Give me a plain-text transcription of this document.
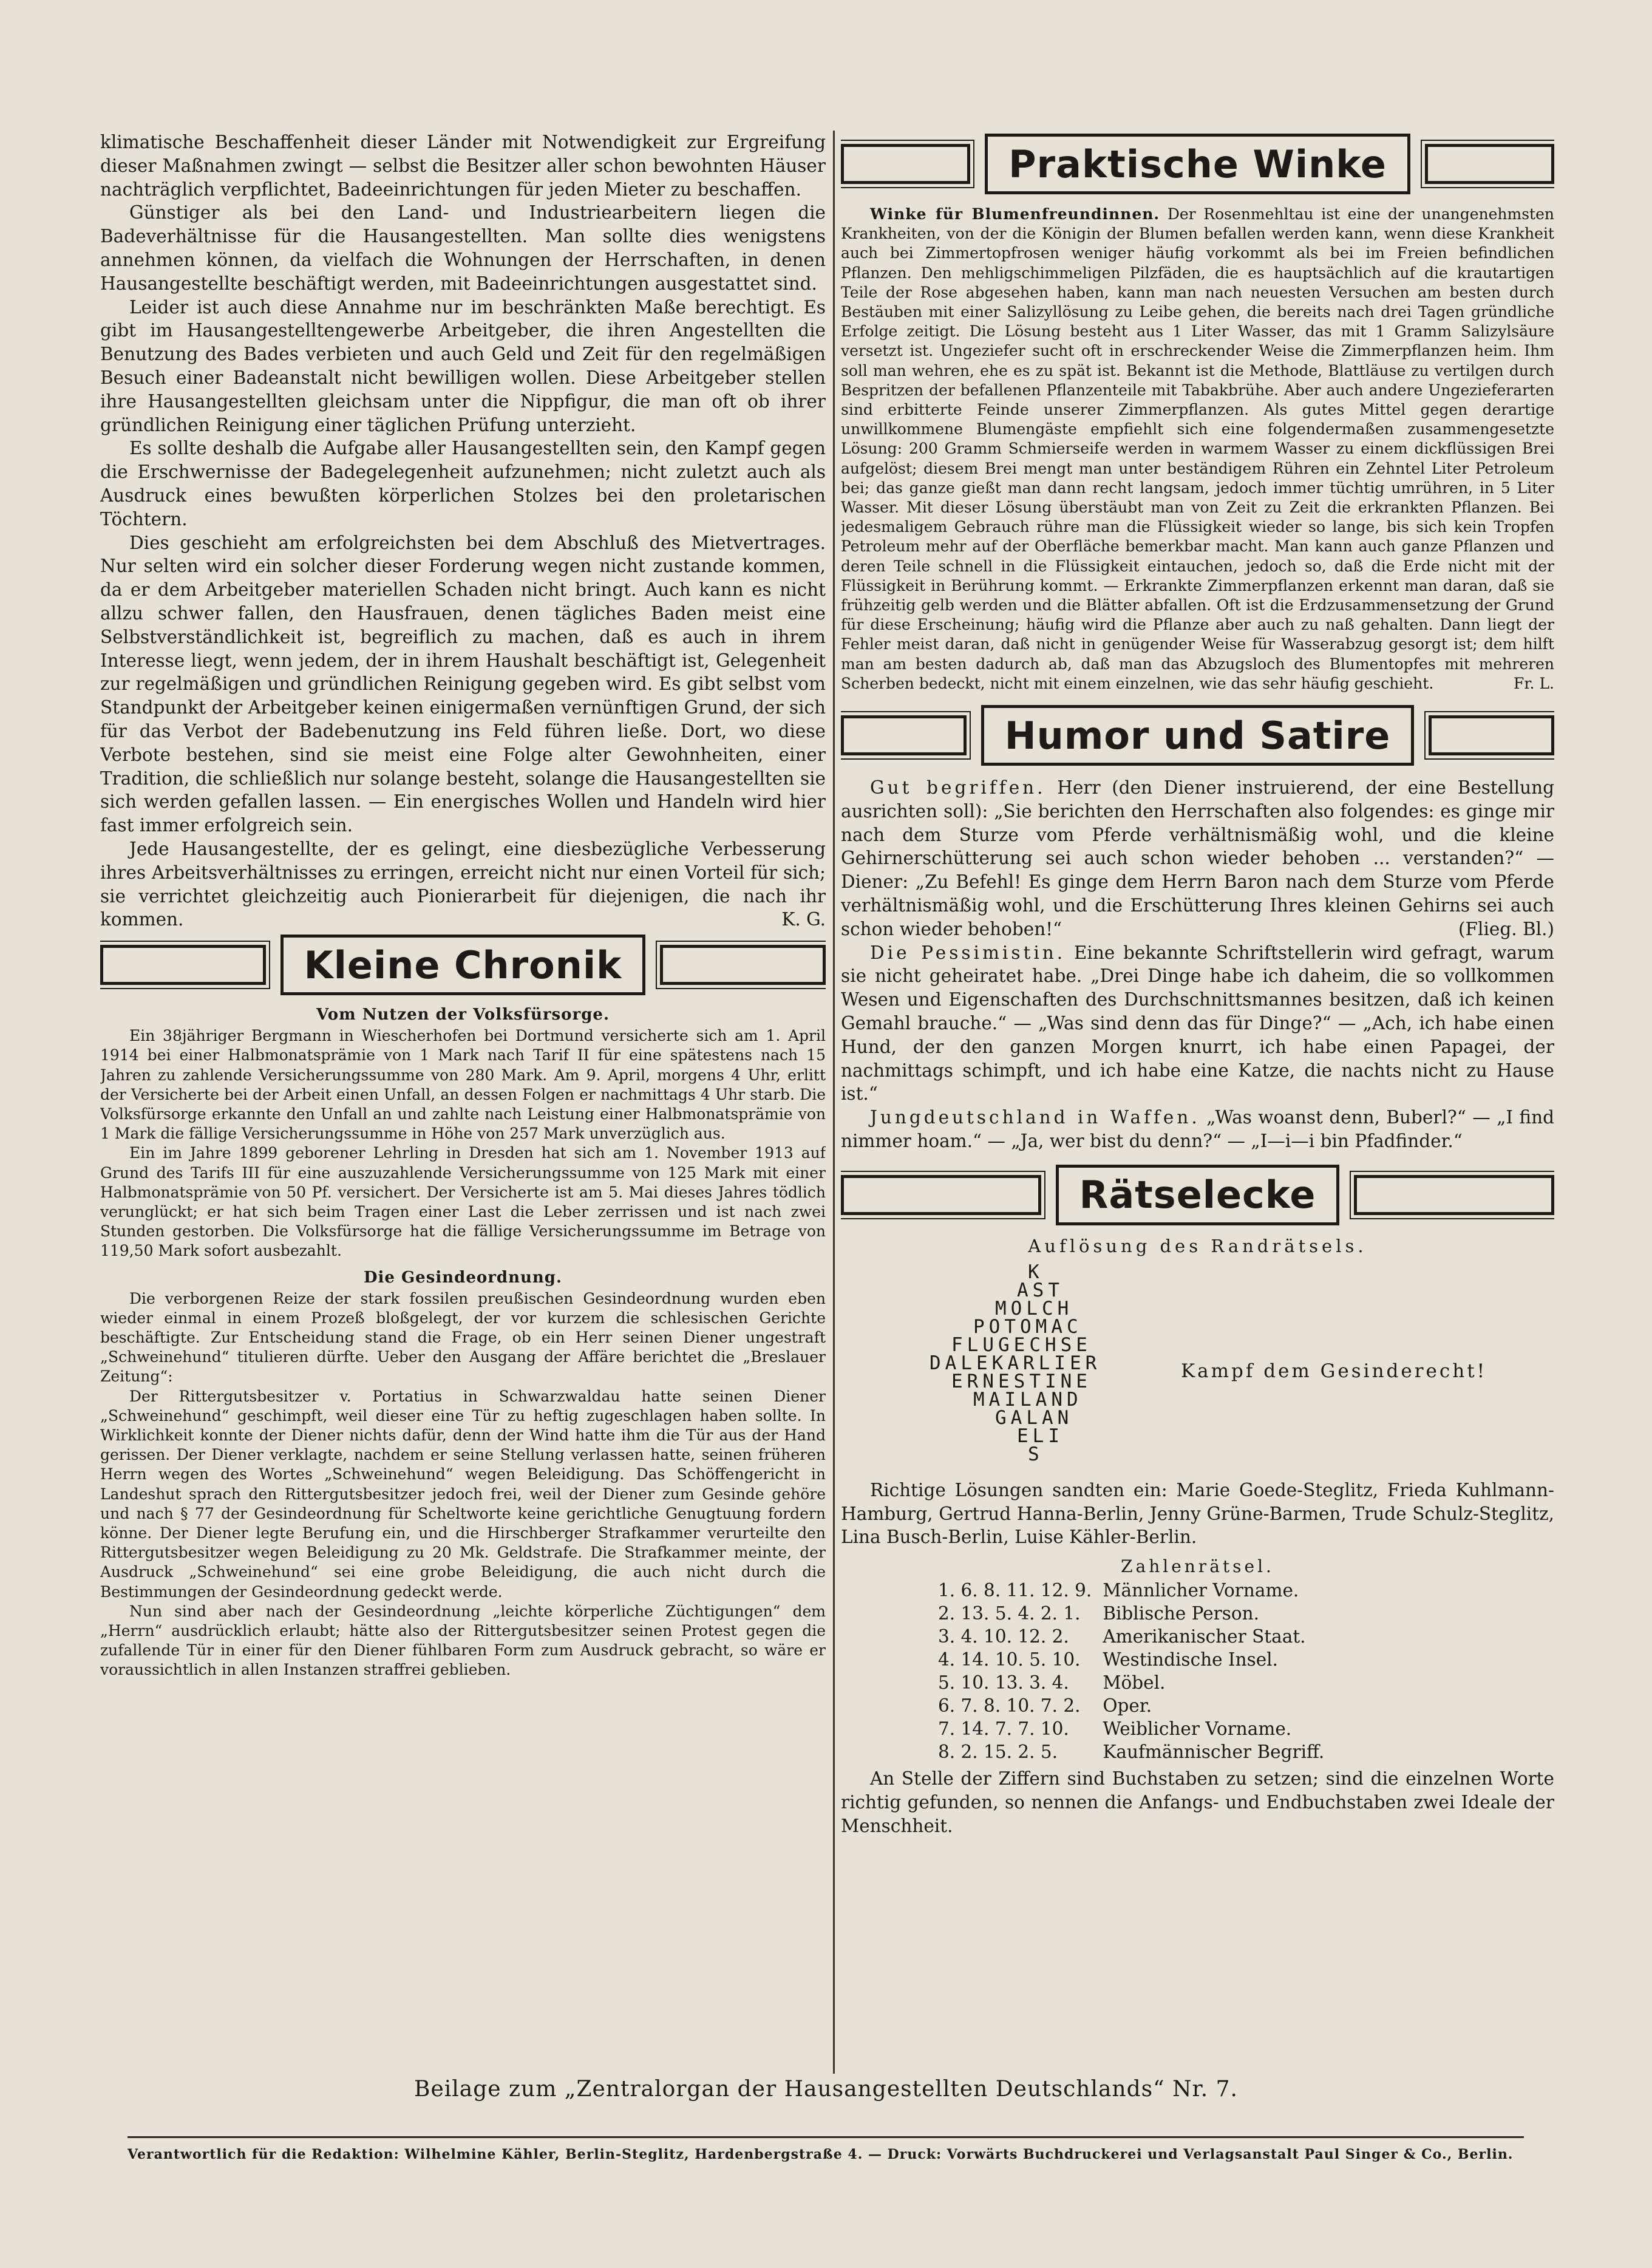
klimatische Beschaffenheit dieser Länder mit Notwendigkeit zur Ergreifung dieser Maßnahmen zwingt — selbst die Besitzer aller schon bewohnten Häuser nachträglich verpflichtet, Badeeinrichtungen für jeden Mieter zu beschaffen.

Günstiger als bei den Land- und Industriearbeitern liegen die Badeverhältnisse für die Hausangestellten. Man sollte dies wenigstens annehmen können, da vielfach die Wohnungen der Herrschaften, in denen Hausangestellte beschäftigt werden, mit Badeeinrichtungen ausgestattet sind.

Leider ist auch diese Annahme nur im beschränkten Maße berechtigt. Es gibt im Hausangestelltengewerbe Arbeitgeber, die ihren Angestellten die Benutzung des Bades verbieten und auch Geld und Zeit für den regelmäßigen Besuch einer Badeanstalt nicht bewilligen wollen. Diese Arbeitgeber stellen ihre Hausangestellten gleichsam unter die Nippfigur, die man oft ob ihrer gründlichen Reinigung einer täglichen Prüfung unterzieht.

Es sollte deshalb die Aufgabe aller Hausangestellten sein, den Kampf gegen die Erschwernisse der Badegelegenheit aufzunehmen; nicht zuletzt auch als Ausdruck eines bewußten körperlichen Stolzes bei den proletarischen Töchtern.

Dies geschieht am erfolgreichsten bei dem Abschluß des Mietvertrages. Nur selten wird ein solcher dieser Forderung wegen nicht zustande kommen, da er dem Arbeitgeber materiellen Schaden nicht bringt. Auch kann es nicht allzu schwer fallen, den Hausfrauen, denen tägliches Baden meist eine Selbstverständlichkeit ist, begreiflich zu machen, daß es auch in ihrem Interesse liegt, wenn jedem, der in ihrem Haushalt beschäftigt ist, Gelegenheit zur regelmäßigen und gründlichen Reinigung gegeben wird. Es gibt selbst vom Standpunkt der Arbeitgeber keinen einigermaßen vernünftigen Grund, der sich für das Verbot der Badebenutzung ins Feld führen ließe. Dort, wo diese Verbote bestehen, sind sie meist eine Folge alter Gewohnheiten, einer Tradition, die schließlich nur solange besteht, solange die Hausangestellten sie sich werden gefallen lassen. — Ein energisches Wollen und Handeln wird hier fast immer erfolgreich sein.

Jede Hausangestellte, der es gelingt, eine diesbezügliche Verbesserung ihres Arbeitsverhältnisses zu erringen, erreicht nicht nur einen Vorteil für sich; sie verrichtet gleichzeitig auch Pionierarbeit für diejenigen, die nach ihr kommen.	K. G.

Kleine Chronik
Vom Nutzen der Volksfürsorge.

Ein 38jähriger Bergmann in Wiescherhofen bei Dortmund versicherte sich am 1. April 1914 bei einer Halbmonatsprämie von 1 Mark nach Tarif II für eine spätestens nach 15 Jahren zu zahlende Versicherungssumme von 280 Mark. Am 9. April, morgens 4 Uhr, erlitt der Versicherte bei der Arbeit einen Unfall, an dessen Folgen er nachmittags 4 Uhr starb. Die Volksfürsorge erkannte den Unfall an und zahlte nach Leistung einer Halbmonatsprämie von 1 Mark die fällige Versicherungssumme in Höhe von 257 Mark unverzüglich aus.

Ein im Jahre 1899 geborener Lehrling in Dresden hat sich am 1. November 1913 auf Grund des Tarifs III für eine auszuzahlende Versicherungssumme von 125 Mark mit einer Halbmonatsprämie von 50 Pf. versichert. Der Versicherte ist am 5. Mai dieses Jahres tödlich verunglückt; er hat sich beim Tragen einer Last die Leber zerrissen und ist nach zwei Stunden gestorben. Die Volksfürsorge hat die fällige Versicherungssumme im Betrage von 119,50 Mark sofort ausbezahlt.

Die Gesindeordnung.

Die verborgenen Reize der stark fossilen preußischen Gesindeordnung wurden eben wieder einmal in einem Prozeß bloßgelegt, der vor kurzem die schlesischen Gerichte beschäftigte. Zur Entscheidung stand die Frage, ob ein Herr seinen Diener ungestraft „Schweinehund“ titulieren dürfte. Ueber den Ausgang der Affäre berichtet die „Breslauer Zeitung“:

Der Rittergutsbesitzer v. Portatius in Schwarzwaldau hatte seinen Diener „Schweinehund“ geschimpft, weil dieser eine Tür zu heftig zugeschlagen haben sollte. In Wirklichkeit konnte der Diener nichts dafür, denn der Wind hatte ihm die Tür aus der Hand gerissen. Der Diener verklagte, nachdem er seine Stellung verlassen hatte, seinen früheren Herrn wegen des Wortes „Schweinehund“ wegen Beleidigung. Das Schöffengericht in Landeshut sprach den Rittergutsbesitzer jedoch frei, weil der Diener zum Gesinde gehöre und nach § 77 der Gesindeordnung für Scheltworte keine gerichtliche Genugtuung fordern könne. Der Diener legte Berufung ein, und die Hirschberger Strafkammer verurteilte den Rittergutsbesitzer wegen Beleidigung zu 20 Mk. Geldstrafe. Die Strafkammer meinte, der Ausdruck „Schweinehund“ sei eine grobe Beleidigung, die auch nicht durch die Bestimmungen der Gesindeordnung gedeckt werde.

Nun sind aber nach der Gesindeordnung „leichte körperliche Züchtigungen“ dem „Herrn“ ausdrücklich erlaubt; hätte also der Rittergutsbesitzer seinen Protest gegen die zufallende Tür in einer für den Diener fühlbaren Form zum Ausdruck gebracht, so wäre er voraussichtlich in allen Instanzen straffrei geblieben.

Praktische Winke

Winke für Blumenfreundinnen. Der Rosenmehltau ist eine der unangenehmsten Krankheiten, von der die Königin der Blumen befallen werden kann, wenn diese Krankheit auch bei Zimmertopfrosen weniger häufig vorkommt als bei im Freien befindlichen Pflanzen. Den mehligschimmeligen Pilzfäden, die es hauptsächlich auf die krautartigen Teile der Rose abgesehen haben, kann man nach neuesten Versuchen am besten durch Bestäuben mit einer Salizyllösung zu Leibe gehen, die bereits nach drei Tagen gründliche Erfolge zeitigt. Die Lösung besteht aus 1 Liter Wasser, das mit 1 Gramm Salizylsäure versetzt ist. Ungeziefer sucht oft in erschreckender Weise die Zimmerpflanzen heim. Ihm soll man wehren, ehe es zu spät ist. Bekannt ist die Methode, Blattläuse zu vertilgen durch Bespritzen der befallenen Pflanzenteile mit Tabakbrühe. Aber auch andere Ungezieferarten sind erbitterte Feinde unserer Zimmerpflanzen. Als gutes Mittel gegen derartige unwillkommene Blumengäste empfiehlt sich eine folgendermaßen zusammengesetzte Lösung: 200 Gramm Schmierseife werden in warmem Wasser zu einem dickflüssigen Brei aufgelöst; diesem Brei mengt man unter beständigem Rühren ein Zehntel Liter Petroleum bei; das ganze gießt man dann recht langsam, jedoch immer tüchtig umrühren, in 5 Liter Wasser. Mit dieser Lösung überstäubt man von Zeit zu Zeit die erkrankten Pflanzen. Bei jedesmaligem Gebrauch rühre man die Flüssigkeit wieder so lange, bis sich kein Tropfen Petroleum mehr auf der Oberfläche bemerkbar macht. Man kann auch ganze Pflanzen und deren Teile schnell in die Flüssigkeit eintauchen, jedoch so, daß die Erde nicht mit der Flüssigkeit in Berührung kommt. — Erkrankte Zimmerpflanzen erkennt man daran, daß sie frühzeitig gelb werden und die Blätter abfallen. Oft ist die Erdzusammensetzung der Grund für diese Erscheinung; häufig wird die Pflanze aber auch zu naß gehalten. Dann liegt der Fehler meist daran, daß nicht in genügender Weise für Wasserabzug gesorgt ist; dem hilft man am besten dadurch ab, daß man das Abzugsloch des Blumentopfes mit mehreren Scherben bedeckt, nicht mit einem einzelnen, wie das sehr häufig geschieht.	Fr. L.

Humor und Satire

Gut begriffen. Herr (den Diener instruierend, der eine Bestellung ausrichten soll): „Sie berichten den Herrschaften also folgendes: es ginge mir nach dem Sturze vom Pferde verhältnismäßig wohl, und die kleine Gehirnerschütterung sei auch schon wieder behoben ... verstanden?“ — Diener: „Zu Befehl! Es ginge dem Herrn Baron nach dem Sturze vom Pferde verhältnismäßig wohl, und die Erschütterung Ihres kleinen Gehirns sei auch schon wieder behoben!“	(Flieg. Bl.)

Die Pessimistin. Eine bekannte Schriftstellerin wird gefragt, warum sie nicht geheiratet habe. „Drei Dinge habe ich daheim, die so vollkommen Wesen und Eigenschaften des Durchschnittsmannes besitzen, daß ich keinen Gemahl brauche.“ — „Was sind denn das für Dinge?“ — „Ach, ich habe einen Hund, der den ganzen Morgen knurrt, ich habe einen Papagei, der nachmittags schimpft, und ich habe eine Katze, die nachts nicht zu Hause ist.“

Jungdeutschland in Waffen. „Was woanst denn, Buberl?“ — „I find nimmer hoam.“ — „Ja, wer bist du denn?“ — „I—i—i bin Pfadfinder.“

Rätselecke
Auflösung des Randrätsels.
K
AST
MOLCH
POTOMAC
FLUGECHSE
DALEKARLIER
ERNESTINE
MAILAND
GALAN
ELI
S
Kampf dem Gesinderecht!

Richtige Lösungen sandten ein: Marie Goede-Steglitz, Frieda Kuhlmann-Hamburg, Gertrud Hanna-Berlin, Jenny Grüne-Barmen, Trude Schulz-Steglitz, Lina Busch-Berlin, Luise Kähler-Berlin.

Zahlenrätsel.
1. 6. 8. 11. 12. 9.	Männlicher Vorname.
2. 13. 5. 4. 2. 1.	Biblische Person.
3. 4. 10. 12. 2.	Amerikanischer Staat.
4. 14. 10. 5. 10.	Westindische Insel.
5. 10. 13. 3. 4.	Möbel.
6. 7. 8. 10. 7. 2.	Oper.
7. 14. 7. 7. 10.	Weiblicher Vorname.
8. 2. 15. 2. 5.	Kaufmännischer Begriff.

An Stelle der Ziffern sind Buchstaben zu setzen; sind die einzelnen Worte richtig gefunden, so nennen die Anfangs- und Endbuchstaben zwei Ideale der Menschheit.

Beilage zum „Zentralorgan der Hausangestellten Deutschlands“ Nr. 7.
Verantwortlich für die Redaktion: Wilhelmine Kähler, Berlin-Steglitz, Hardenbergstraße 4. — Druck: Vorwärts Buchdruckerei und Verlagsanstalt Paul Singer & Co., Berlin.
